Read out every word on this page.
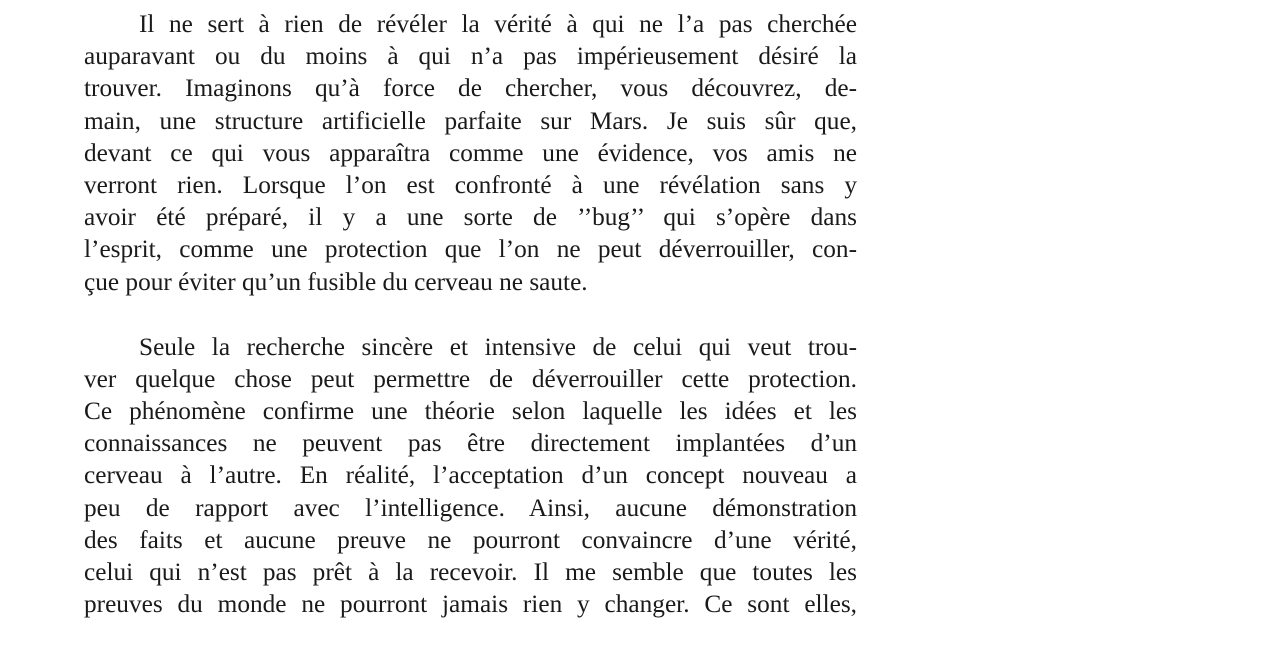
Il ne sert à rien de révéler la vérité à qui ne l’a pas cherchée
auparavant ou du moins à qui n’a pas impérieusement désiré la
trouver. Imaginons qu’à force de chercher, vous découvrez, de-
main, une structure artificielle parfaite sur Mars. Je suis sûr que,
devant ce qui vous apparaîtra comme une évidence, vos amis ne
verront rien. Lorsque l’on est confronté à une révélation sans y
avoir été préparé, il y a une sorte de ’’bug’’ qui s’opère dans
l’esprit, comme une protection que l’on ne peut déverrouiller, con-
çue pour éviter qu’un fusible du cerveau ne saute.
Seule la recherche sincère et intensive de celui qui veut trou-
ver quelque chose peut permettre de déverrouiller cette protection.
Ce phénomène confirme une théorie selon laquelle les idées et les
connaissances ne peuvent pas être directement implantées d’un
cerveau à l’autre. En réalité, l’acceptation d’un concept nouveau a
peu de rapport avec l’intelligence. Ainsi, aucune démonstration
des faits et aucune preuve ne pourront convaincre d’une vérité,
celui qui n’est pas prêt à la recevoir. Il me semble que toutes les
preuves du monde ne pourront jamais rien y changer. Ce sont elles,
